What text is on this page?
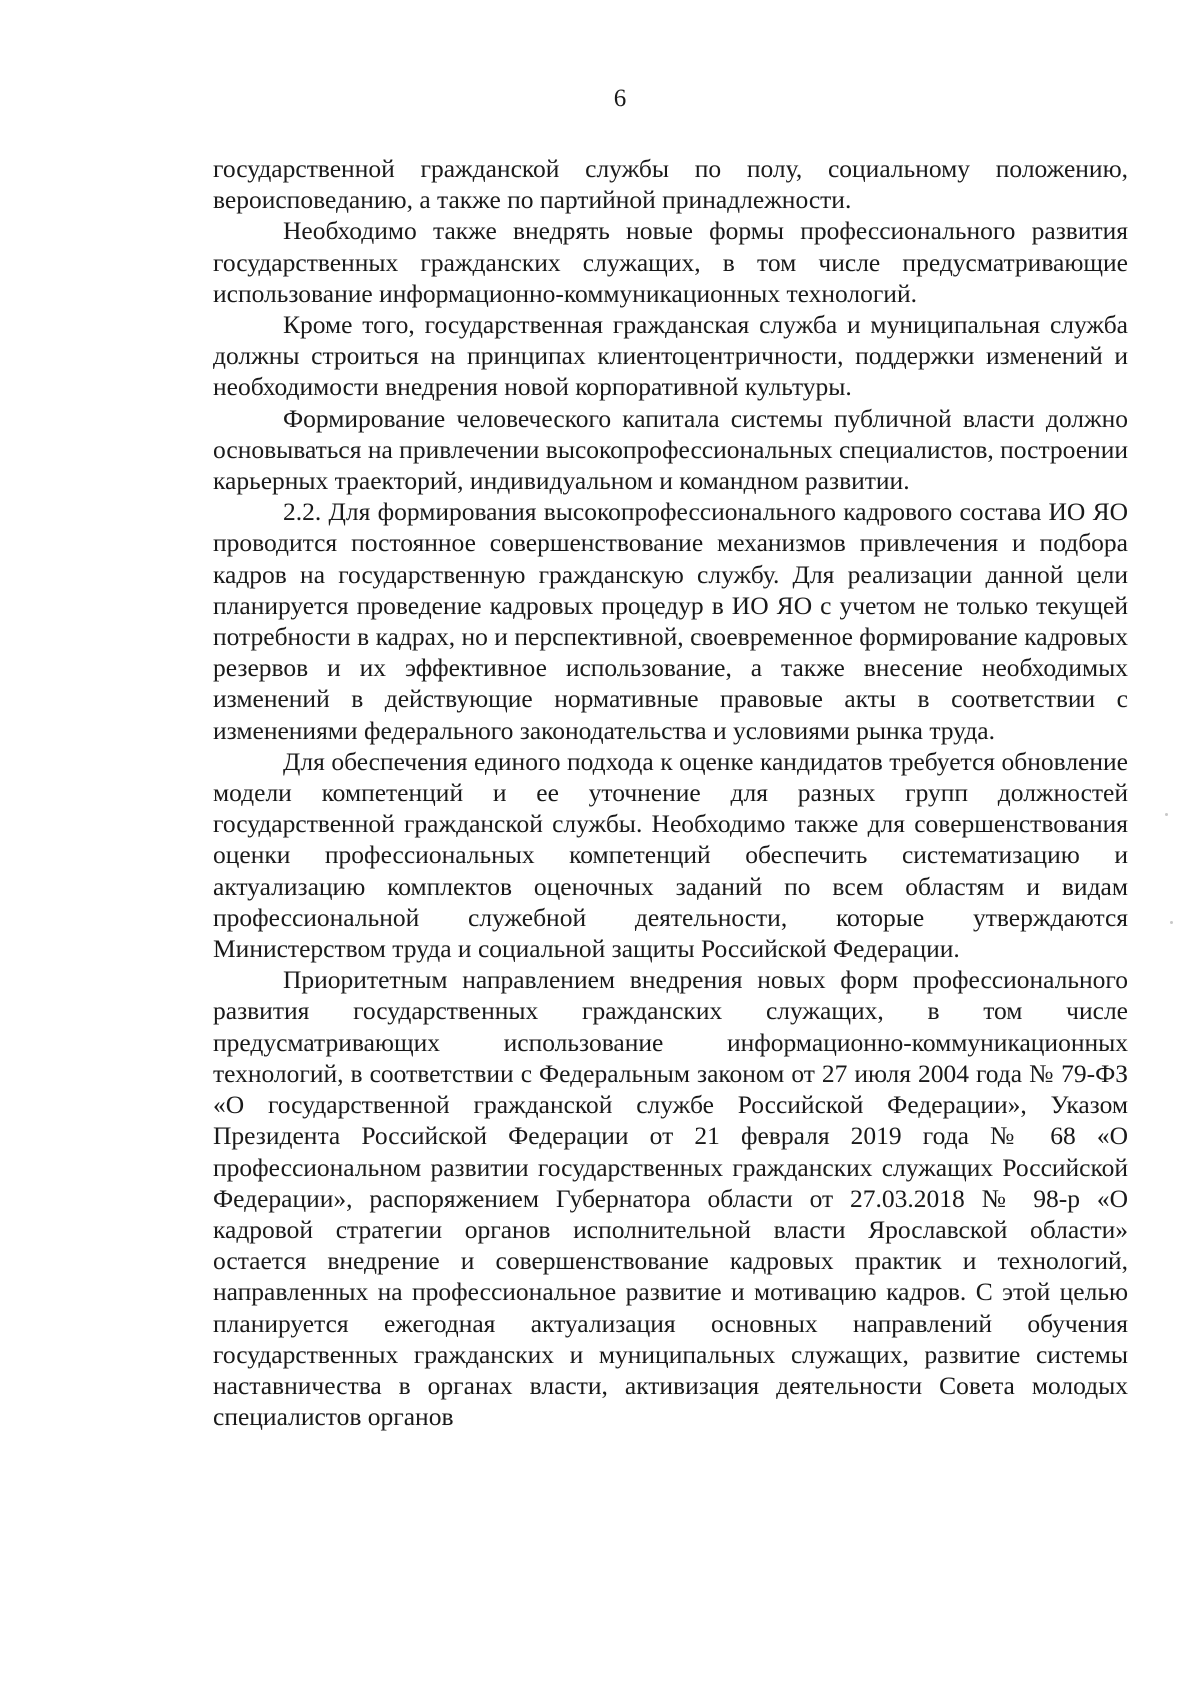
6

государственной гражданской службы по полу, социальному положению, вероисповеданию, а также по партийной принадлежности.

Необходимо также внедрять новые формы профессионального развития государственных гражданских служащих, в том числе предусматривающие использование информационно-коммуникационных технологий.

Кроме того, государственная гражданская служба и муниципальная служба должны строиться на принципах клиентоцентричности, поддержки изменений и необходимости внедрения новой корпоративной культуры.

Формирование человеческого капитала системы публичной власти должно основываться на привлечении высокопрофессиональных специалистов, построении карьерных траекторий, индивидуальном и командном развитии.

2.2. Для формирования высокопрофессионального кадрового состава ИО ЯО проводится постоянное совершенствование механизмов привлечения и подбора кадров на государственную гражданскую службу. Для реализации данной цели планируется проведение кадровых процедур в ИО ЯО с учетом не только текущей потребности в кадрах, но и перспективной, своевременное формирование кадровых резервов и их эффективное использование, а также внесение необходимых изменений в действующие нормативные правовые акты в соответствии с изменениями федерального законодательства и условиями рынка труда.

Для обеспечения единого подхода к оценке кандидатов требуется обновление модели компетенций и ее уточнение для разных групп должностей государственной гражданской службы. Необходимо также для совершенствования оценки профессиональных компетенций обеспечить систематизацию и актуализацию комплектов оценочных заданий по всем областям и видам профессиональной служебной деятельности, которые утверждаются Министерством труда и социальной защиты Российской Федерации.

Приоритетным направлением внедрения новых форм профессионального развития государственных гражданских служащих, в том числе предусматривающих использование информационно-коммуникационных технологий, в соответствии с Федеральным законом от 27 июля 2004 года № 79-ФЗ «О государственной гражданской службе Российской Федерации», Указом Президента Российской Федерации от 21 февраля 2019 года № 68 «О профессиональном развитии государственных гражданских служащих Российской Федерации», распоряжением Губернатора области от 27.03.2018 № 98-р «О кадровой стратегии органов исполнительной власти Ярославской области» остается внедрение и совершенствование кадровых практик и технологий, направленных на профессиональное развитие и мотивацию кадров. С этой целью планируется ежегодная актуализация основных направлений обучения государственных гражданских и муниципальных служащих, развитие системы наставничества в органах власти, активизация деятельности Совета молодых специалистов органов
